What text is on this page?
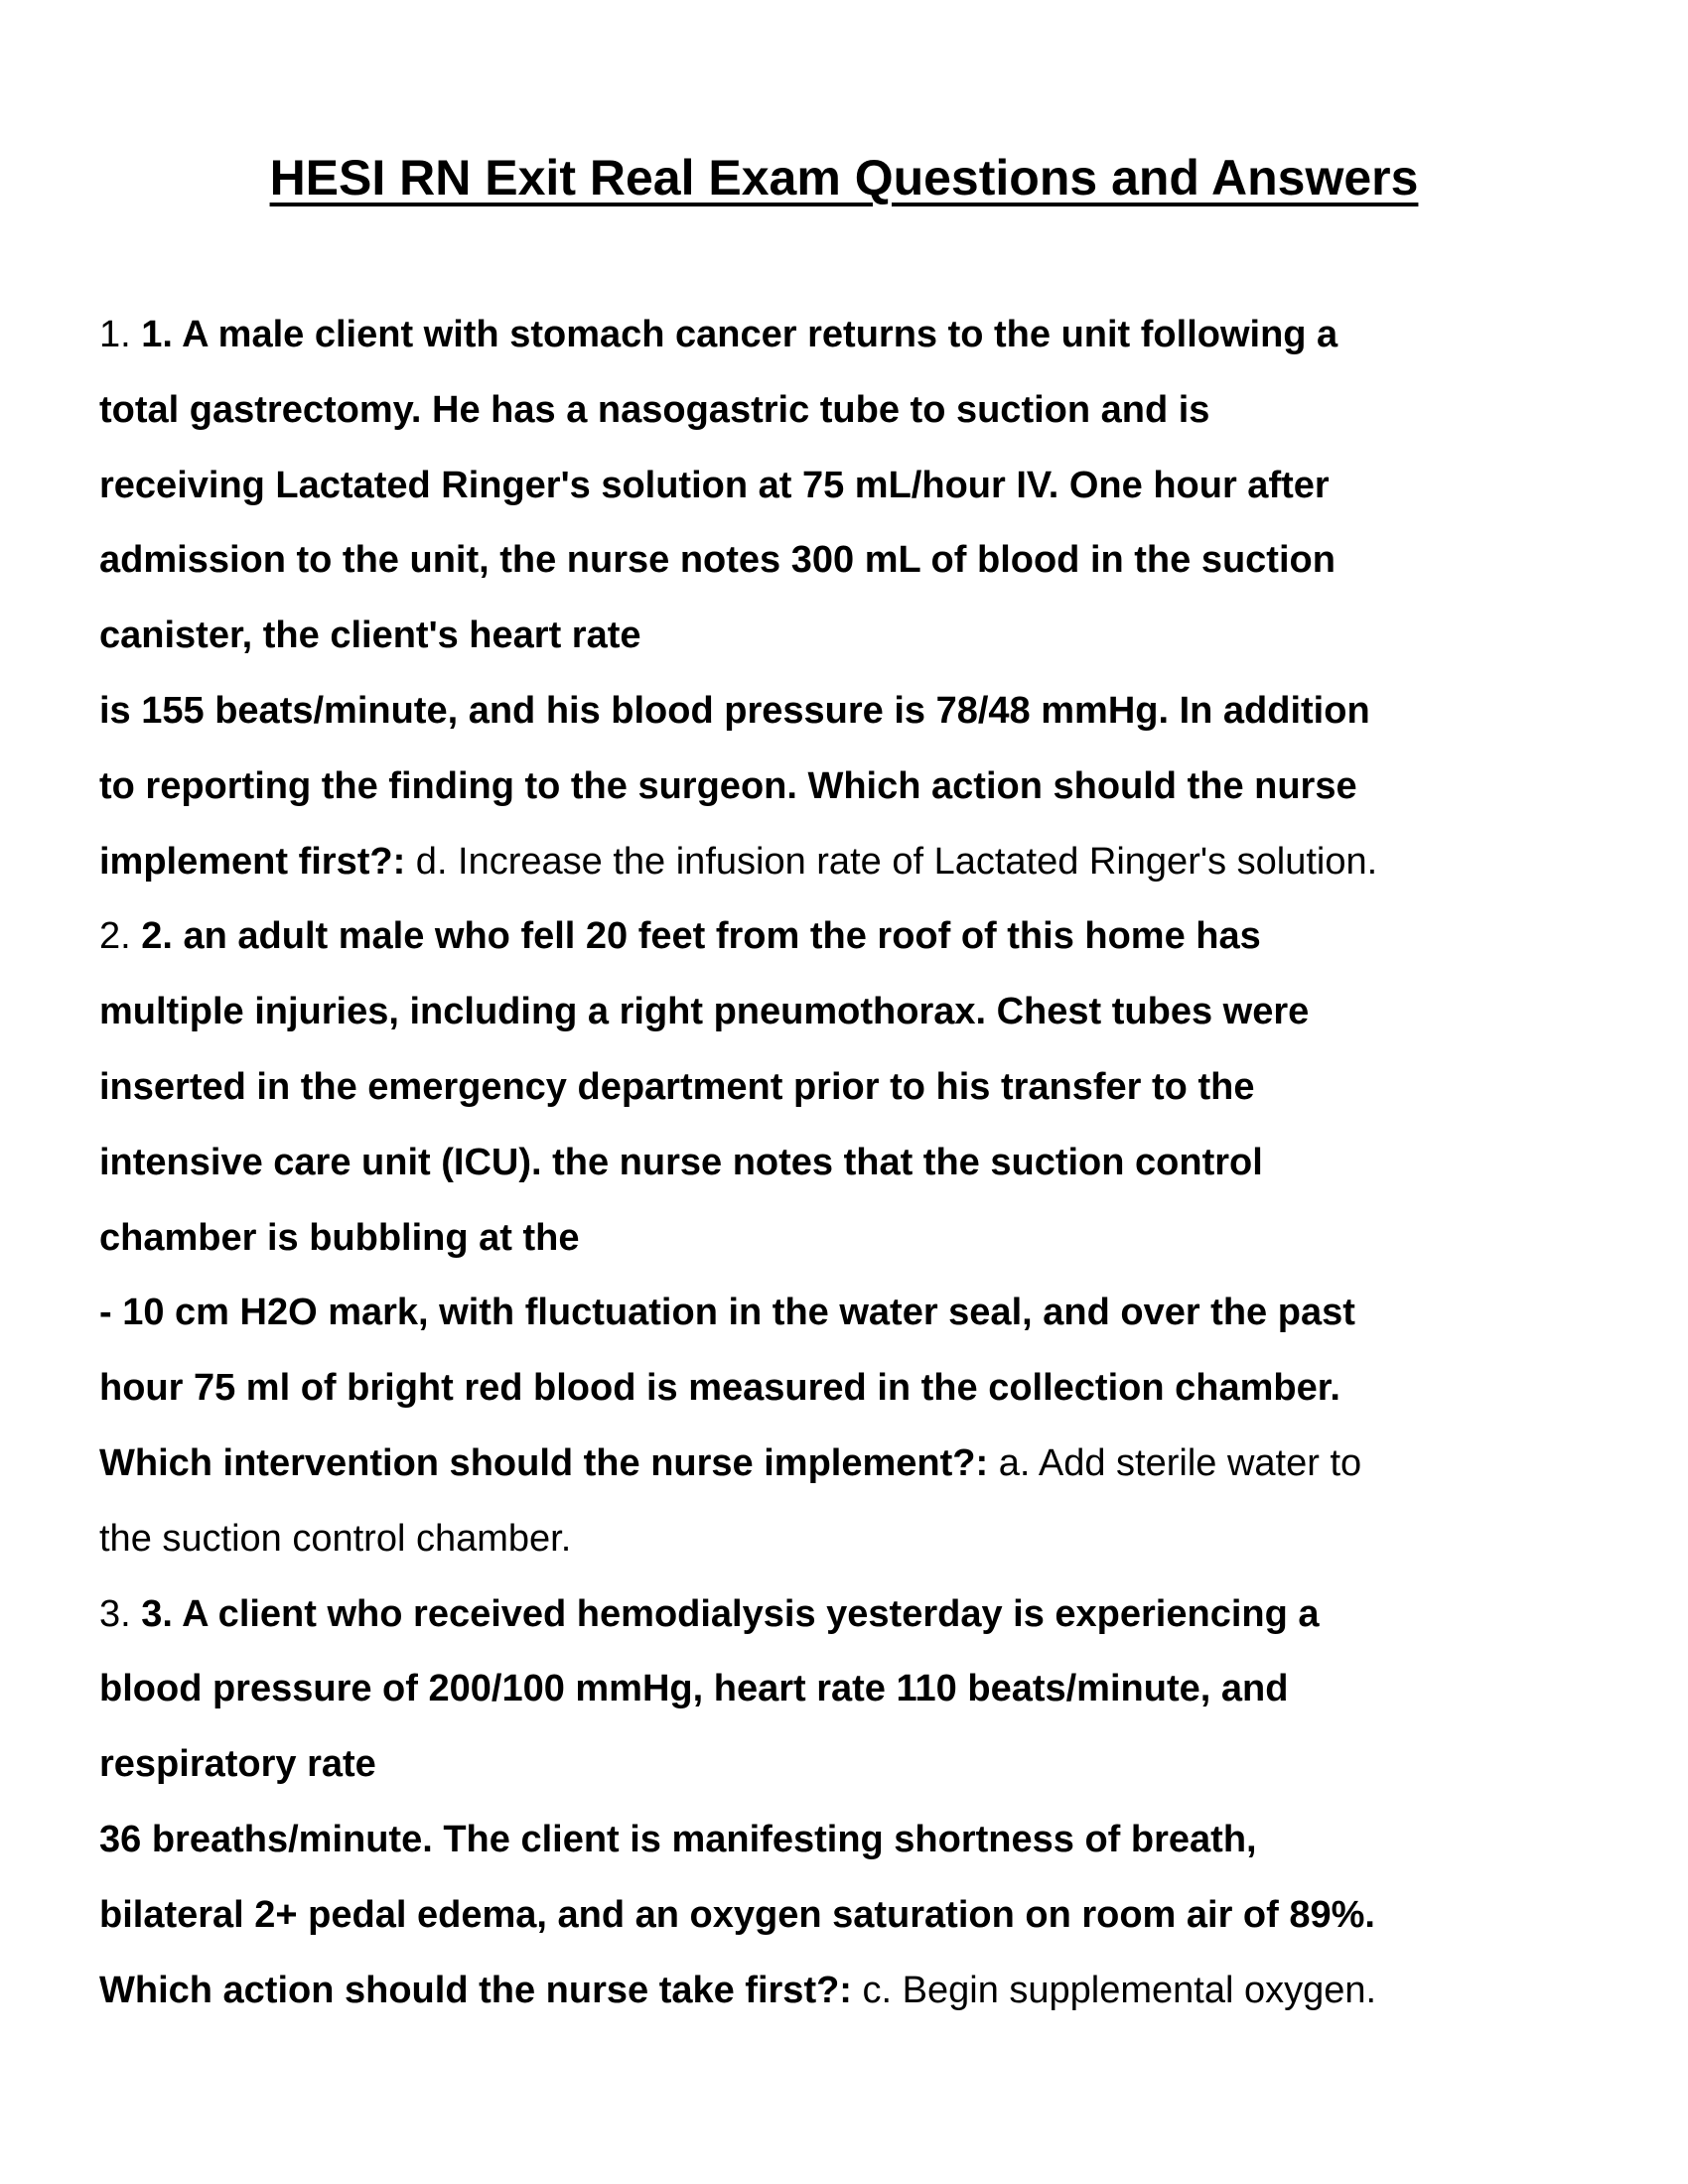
HESI RN Exit Real Exam Questions and Answers
1. 1. A male client with stomach cancer returns to the unit following a
total gastrectomy. He has a nasogastric tube to suction and is
receiving Lactated Ringer's solution at 75 mL/hour IV. One hour after
admission to the unit, the nurse notes 300 mL of blood in the suction
canister, the client's heart rate
is 155 beats/minute, and his blood pressure is 78/48 mmHg. In addition
to reporting the finding to the surgeon. Which action should the nurse
implement first?: d. Increase the infusion rate of Lactated Ringer's solution.
2. 2. an adult male who fell 20 feet from the roof of this home has
multiple injuries, including a right pneumothorax. Chest tubes were
inserted in the emergency department prior to his transfer to the
intensive care unit (ICU). the nurse notes that the suction control
chamber is bubbling at the
- 10 cm H2O mark, with fluctuation in the water seal, and over the past
hour 75 ml of bright red blood is measured in the collection chamber.
Which intervention should the nurse implement?: a. Add sterile water to
the suction control chamber.
3. 3. A client who received hemodialysis yesterday is experiencing a
blood pressure of 200/100 mmHg, heart rate 110 beats/minute, and
respiratory rate
36 breaths/minute. The client is manifesting shortness of breath,
bilateral 2+ pedal edema, and an oxygen saturation on room air of 89%.
Which action should the nurse take first?: c. Begin supplemental oxygen.
